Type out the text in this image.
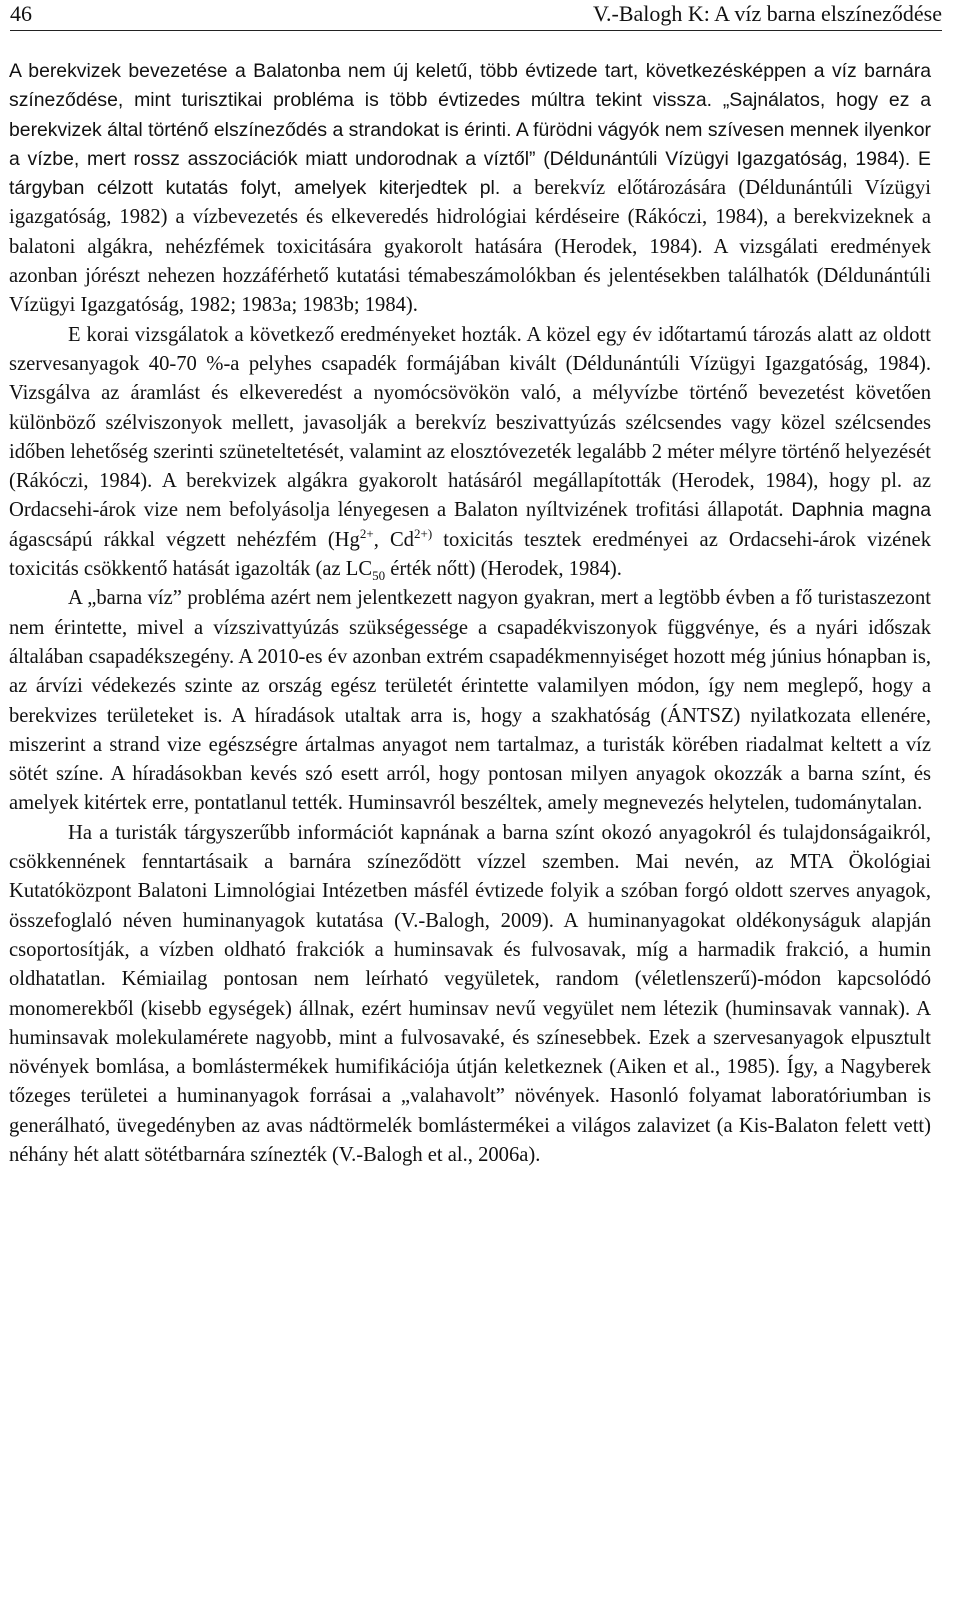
46	V.-Balogh K: A víz barna elszíneződése

A berekvizek bevezetése a Balatonba nem új keletű, több évtizede tart, következésképpen a víz barnára színeződése, mint turisztikai probléma is több évtizedes múltra tekint vissza. „Sajnálatos, hogy ez a berekvizek által történő elszíneződés a strandokat is érinti. A fürödni vágyók nem szívesen mennek ilyenkor a vízbe, mert rossz asszociációk miatt undorodnak a víztől” (Déldunántúli Vízügyi Igazgatóság, 1984). E tárgyban célzott kutatás folyt, amelyek kiterjedtek pl. a berekvíz előtározására (Déldunántúli Vízügyi igazgatóság, 1982) a vízbevezetés és elkeveredés hidrológiai kérdéseire (Rákóczi, 1984), a berekvizeknek a balatoni algákra, nehézfémek toxicitására gyakorolt hatására (Herodek, 1984). A vizsgálati eredmények azonban jórészt nehezen hozzáférhető kutatási témabeszámolókban és jelentésekben találhatók (Déldunántúli Vízügyi Igazgatóság, 1982; 1983a; 1983b; 1984).

E korai vizsgálatok a következő eredményeket hozták. A közel egy év időtartamú tározás alatt az oldott szervesanyagok 40-70 %-a pelyhes csapadék formájában kivált (Déldunántúli Vízügyi Igazgatóság, 1984). Vizsgálva az áramlást és elkeveredést a nyomócsövökön való, a mélyvízbe történő bevezetést követően különböző szélviszonyok mellett, javasolják a berekvíz beszivattyúzás szélcsendes vagy közel szélcsendes időben lehetőség szerinti szüneteltetését, valamint az elosztóvezeték legalább 2 méter mélyre történő helyezését (Rákóczi, 1984). A berekvizek algákra gyakorolt hatásáról megállapították (Herodek, 1984), hogy pl. az Ordacsehi-árok vize nem befolyásolja lényegesen a Balaton nyíltvizének trofitási állapotát. Daphnia magna ágascsápú rákkal végzett nehézfém ($Hg^{2+}$, $Cd^{2+)}$ toxicitás tesztek eredményei az Ordacsehi-árok vizének toxicitás csökkentő hatását igazolták (az $LC_{50}$ érték nőtt) (Herodek, 1984).

A „barna víz” probléma azért nem jelentkezett nagyon gyakran, mert a legtöbb évben a fő turistaszezont nem érintette, mivel a vízszivattyúzás szükségessége a csapadékviszonyok függvénye, és a nyári időszak általában csapadékszegény. A 2010-es év azonban extrém csapadékmennyiséget hozott még június hónapban is, az árvízi védekezés szinte az ország egész területét érintette valamilyen módon, így nem meglepő, hogy a berekvizes területeket is. A híradások utaltak arra is, hogy a szakhatóság (ÁNTSZ) nyilatkozata ellenére, miszerint a strand vize egészségre ártalmas anyagot nem tartalmaz, a turisták körében riadalmat keltett a víz sötét színe. A híradásokban kevés szó esett arról, hogy pontosan milyen anyagok okozzák a barna színt, és amelyek kitértek erre, pontatlanul tették. Huminsavról beszéltek, amely megnevezés helytelen, tudománytalan.

Ha a turisták tárgyszerűbb információt kapnának a barna színt okozó anyagokról és tulajdonságaikról, csökkennének fenntartásaik a barnára színeződött vízzel szemben. Mai nevén, az MTA Ökológiai Kutatóközpont Balatoni Limnológiai Intézetben másfél évtizede folyik a szóban forgó oldott szerves anyagok, összefoglaló néven huminanyagok kutatása (V.-Balogh, 2009). A huminanyagokat oldékonyságuk alapján csoportosítják, a vízben oldható frakciók a huminsavak és fulvosavak, míg a harmadik frakció, a humin oldhatatlan. Kémiailag pontosan nem leírható vegyületek, random (véletlenszerű)-módon kapcsolódó monomerekből (kisebb egységek) állnak, ezért huminsav nevű vegyület nem létezik (huminsavak vannak). A huminsavak molekulamérete nagyobb, mint a fulvosavaké, és színesebbek. Ezek a szervesanyagok elpusztult növények bomlása, a bomlástermékek humifikációja útján keletkeznek (Aiken et al., 1985). Így, a Nagyberek tőzeges területei a huminanyagok forrásai a „valahavolt” növények. Hasonló folyamat laboratóriumban is generálható, üvegedényben az avas nádtörmelék bomlástermékei a világos zalavizet (a Kis-Balaton felett vett) néhány hét alatt sötétbarnára színezték (V.-Balogh et al., 2006a).
